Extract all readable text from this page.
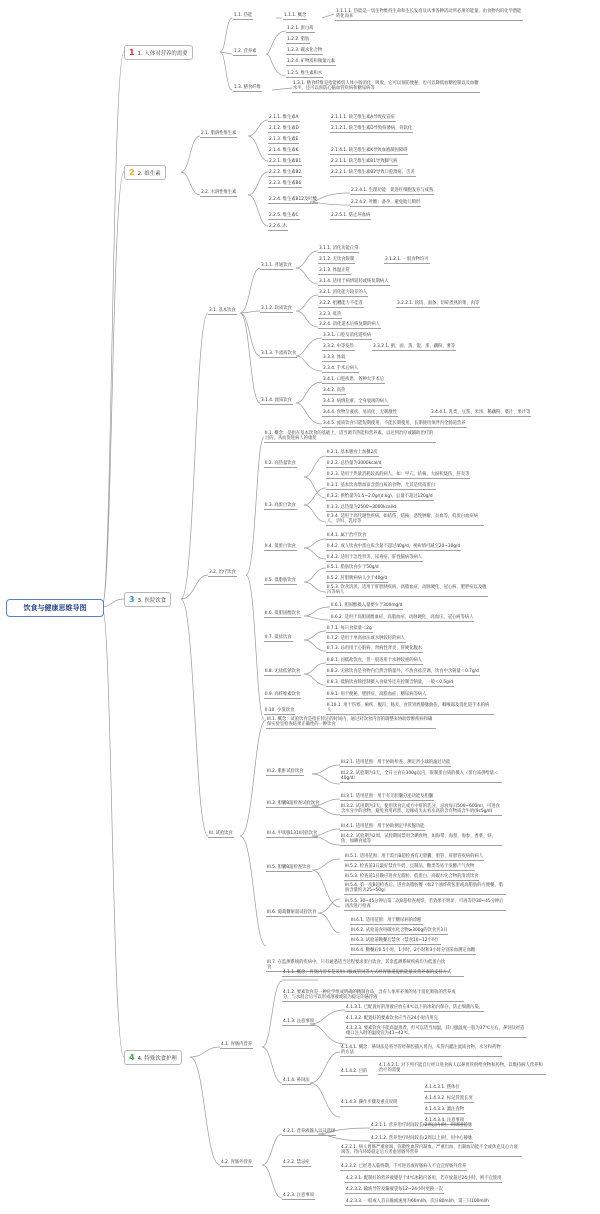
饮食与健康思维导图
1 1. 人体对营养的需要
2 2. 维生素
3 3. 医院饮食
4 4. 特殊饮食护理
1.1. 热能	1.1.1. 概念
1.1.1.1. 热能是一切生物维持生命和生长发育及从事各种活动所必须的能量，由食物内的化学潜能转化而来
1.2. 营养素
1.2.1. 蛋白质
1.2.2. 脂肪
1.2.3. 碳水化合物
1.2.4. 矿物质和微量元素
1.2.5. 维生素和水
1.3. 膳食纤维
1.3.1. 膳食纤维是指能被机人体小肠消化、吸收，它可以预防便秘，也可以降低血糖控制以及血糖水平，还可以预防心脑血管疾病和糖尿病等
2.1. 脂溶性维生素
2.1.1. 维生素A	2.1.1.1. 缺乏维生素A导致夜盲症
2.1.2. 维生素D	2.1.2.1. 缺乏维生素D导致佝偻病、骨软化
2.1.3. 维生素E
2.1.4. 维生素K	2.1.4.1. 缺乏维生素K导致血液凝固障碍
2.2. 水溶性维生素
2.2.1. 维生素B1	2.2.1.1. 缺乏维生素B1导致脚气病
2.2.2. 维生素B2	2.2.2.1. 缺乏维生素B2导致口腔溃疡、舌炎
2.2.3. 维生素B6
2.2.4. 维生素B12及叶酸
2.2.4.1. 生理功能：促进红细胞发育与成熟
2.2.4.2. 叶酸：备孕、避免胎儿畸形
2.2.5. 维生素C	2.2.5.1. 防止坏血病
2.2.6. 水
3.1. 基本饮食
3.1.1. 普通饮食
3.1.1. 消化功能正常
3.1.2. 无饮食限制	3.1.2.1. 一般食物均可
3.1.3. 体温正常
3.1.4. 适用于病情较轻或恢复期病人
3.1.2. 软质饮食
3.2.1. 消化能力较差的人
3.2.2. 咀嚼能力不佳者	3.2.2.1. 软饭、面条、切碎煮熟的菜、肉等
3.2.3. 低热
3.2.4. 消化道术后恢复期的病人
3.1.3. 半流质饮食
3.3.1. 口腔及消化道疾病
3.3.2. 中等发热	3.3.2.1. 粥、面、蒸、馄、蛋、藕粉、薯等
3.3.3. 体弱
3.3.4. 手术后病人
3.1.4. 流质饮食
3.4.1. 口腔疾患、各种大手术后
3.4.2. 高热
3.4.3. 病情危重、全身衰竭的病人
3.4.4. 食物呈液状、易消化、无刺激性	3.4.4.1. 乳类、豆浆、米汤、稀藕粉、菜汁、果汁等
3.4.5. 流质饮食只能短期使用，不能长期使用，长期使用须伴内全肠道营养
3.2. 治疗饮食
II.1. 概念：是指在基本饮食的基础上，适当调节热能和营养素，以达到治疗或辅助治疗的目的，从而促进病人的康复
II.2. 高热量饮食
II.2.1. 基本膳食上加餐2次
II.2.2. 总热量为3000kcal/d
II.2.3. 适用于热量消耗较高的病人，如：甲亢、结核、大面积烧伤、肝炎等
II.3. 高蛋白饮食
II.3.1. 基本饮食增加富含蛋白质的食物，尤其是优质蛋白
II.3.2. 供给量为1.5~2.0g/(d.kg)，总量不超过120g/d
II.3.3. 总热量为2500~3000kcal/d
II.3.4. 适用于高代谢性疾病，如结伤、结核、恶性肿瘤、贫血等，低蛋白血症病人，孕妇、乳母等
II.4. 低蛋白饮食
II.4.1. 属于治疗饮食
II.4.2. 成人饮食中蛋白质含量不超过40g/d，视病情可减至20~30g/d
II.4.3. 适用于急性肾炎、尿毒症、肝性脑病等病人
II.5. 低脂肪饮食
II.5.1. 脂肪饮食少于50g/d
II.5.2. 肝胆胰病病人少于40g/d
II.5.3. 饮食清淡，适用于肝胆胰疾病、高脂血症、动脉硬化、冠心病、肥胖症以及腹泻等病人
II.6. 低胆固醇饮食
II.6.1. 胆固醇摄入量要少于300mg/d
II.6.2. 适用于高胆固醇血症、高脂血症、动脉硬化、高血压、冠心病等病人
II.7. 低盐饮食
II.7.1. 每日食盐量＜2g
II.7.2. 适用于单高血压或水肿较轻的病人
II.7.3. 忌用用于心脏病、肾病性肾炎、肝硬化腹水
II.8. 无盐低钠饮食
II.8.1. 同低盐饮食，但一般适用于水肿较重的病人
II.8.2. 无盐饮食是食物内自然含钠量外，不放食盐烹调，饮食中含钠量＜0.7g/d
II.8.3. 低钠饮食除控制摄入食盐外还应控制含钠量，一般＜0.5g/d
II.9. 高纤维素饮食	II.9.1. 用于便秘、肥胖症、高脂血症、糖尿病等病人
II.10. 少渣饮食
II.10.1. 用于伤寒、痢疾、腹泻、肠炎、食管胃底静脉曲张、咽喉部及消化道手术的病人
III. 试验饮食
III.1. 概念：试验饮食是指在特定的时间内，通过对饮食内容的调整来协助诊断疾病和确保实验室检查结果正确性的一种饮食
III.2. 肌酐试验饮食
III.2.1. 适用范围：用于协助检查、测定肾小球的滤过功能
III.2.2. 试验期为3天，全日主食在300g以内，限制蛋白质的摄入（蛋白质供给量＜40g/d）
III.3. 胆囊B超检查试验饮食
III.3.1. 适用范围：用于有无胆囊分泌功能及胆囊
III.3.2. 试用期为3天，使用饮食完成方中肝的乳分，忌食每日500~600ml，可进食含水分少的食物，避免食用鸡蛋、边缘成失去看水高的含有物质含牛奶(9c5g/d)
III.4. 甲状腺131I试验饮食
III.4.1. 适用范围：用于协助测定甲状腺功能
III.4.2. 试验期为2周，试验期间禁用含碘食物，如海带、海蜇、海参、香菜、虾、鱼、加碘食盐等
III.5. 胆囊B超检查饮食
III.5.1. 适用范围：用于需行B超检查有无胆囊、胆管、肝胆管疾病的病人
III.5.2. 检查前3日最好禁食牛奶、豆制品、糖类等易于发酵产气食物
III.5.3. 检查前1日晚应进食无脂肪、低蛋白、高碳水化合物的清淡饮食
III.5.4. 第一次B超检查后，进食高脂肪餐（如2个油炸荷包蛋或高脂肪的方便餐，脂肪含量约为25~50g）
III.5.5. 30~45分钟后第二次B超检查观察，若效果不明显，可再等待30~45分钟后再次进行检查
III.6. 葡萄糖耐量试验饮食
III.6.1. 适用范围：用于糖尿病的诊断
III.6.2. 试验前食用碳水化合物≥300g的饮食共3日
III.6.3. 试验前晚餐后禁食（禁食10~12小时）
III.6.4. 糖餐后0.5小时、1小时、2小时和3小时分别采血测定血糖
III.7. 在监测系统的疾病中，只有通過适当过程要求蛋白饮食，其余监测系统疾病均为低蛋白饮食
4.1. 胃肠内营养
4.1.1. 概念：胃肠内营养是采用口服或管饲等方式经胃肠道提供能量及营养素的支持方式
4.1.2. 要素饮食是一种化学组成明确的精制食品，含有人体所必须的易于消化吸收的营养成分，与水混合后可以形成溶液或较为稳定的悬浮液
4.1.3. 注意事项
4.1.3.1. 已配置好的溶液应放在4℃以下的冰箱内保存，防止细菌污染。
4.1.3.2. 配置好的要素饮食应当在24小时内用完
4.1.3.3. 要素饮食不能高温蒸煮，但可以适当加温，其口服温度一般为37℃左右，鼻饲及经造瘘口注入时的温度宜为41~42℃。
4.1.4. 鼻饲法
4.1.4.1. 概念：鼻饲法是将导管经鼻腔插入胃内，从管内灌注流质食物、水分和药物的方法
4.1.4.2. 目的
4.1.4.2.1. 对下列不能自行经口进食病人以鼻胃管供给食物和药物，以维持病人营养和治疗的需要
4.1.4.3. 操作步骤及重点说明
4.1.4.3.1. 摆体位
4.1.4.3.2. 标记管置长度
4.1.4.3.3. 灌注食物
4.1.4.3.4. 注意事项
4.2. 胃肠外营养
4.2.1. 营养液输入以及选择
4.2.1.1. 营养治疗时间较长(2周以内)时，用周围静脉
4.2.1.2. 营养治疗时间较长(2周以上)时，用中心静脉
4.2.2. 禁忌症
4.2.2.1. 病人胃肠严重衰竭、弥散性血管内凝血、严重出血、出凝血功能不全或休克及心力衰竭等，待内环境稳定后方考虑胃肠外营养
4.2.2.2. 已经进入临终期，不可逆者或胃肠病人不宜宜胃肠外营养
4.2.3. 注意事项
4.2.3.1. 配制好的营养液储存于4℃冰箱内备用，若存放超过24小时，则不宜使用
4.2.3.2. 输液导管及输液袋每12~24小时更换一次
4.2.3.3. 一般成人首日输液速度为60ml/h，次日80ml/h，第三日100ml/h
